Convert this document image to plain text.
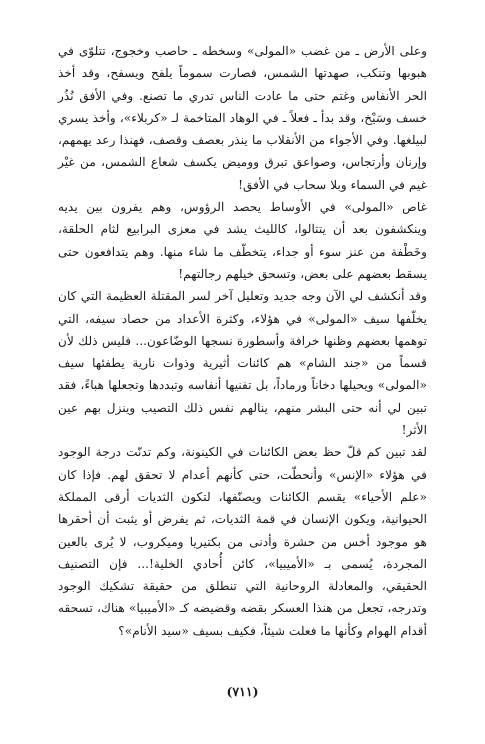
وعلى الأرض ـ من غضب «المولى» وسخطه ـ حاصب وخجوج، تتلوّى في هبوبها وتنكب، صهدتها الشمس، فصارت سموماً يلفح ويسفح، وقد أخذ الحر الأنفاس وغتم حتى ما عادت الناس تدري ما تصنع. وفي الأفق نُذُر خسف وسَيْخ، وقد بدأ ـ فعلاً ـ في الوهاد المتاخمة لـ «كربلاء»، وأخذ يسري لبيلغها. وفي الأجواء من الأنقلاب ما ينذر بعصف وقصف، فهنذا رعد يهمهم، وإرنان وأرتجاس، وصواعق تبرق ووميض يكسف شعاع الشمس، من غيْر غيم في السماء وبلا سحاب في الأفق!

غاص «المولى» في الأوساط يحصد الرؤوس، وهم يفرون بين يديه وينكشفون بعد أن يتتالوا، كالليث يشد في معزى البرابيع لثام الحلقة، وخَطْفة من عنز سوء أو جداء، يتخطّف ما شاء منها. وهم يتدافعون حتى يسقط بعضهم على بعض، وتسحق خيلهم رجالتهم!

وقد أنكشف لي الآن وجه جديد وتعليل آخر لسر المقتلة العظيمة التي كان يخلّفها سيف «المولى» في هؤلاء، وكثرة الأعداد من حصاد سيفه، التي توهمها بعضهم وظنها خرافة وأسطورة نسجها الوضّاعون... فليس ذلك لأن قسماً من «جند الشام» هم كائنات أثيرية وذوات نارية يطفئها سيف «المولى» ويحيلها دخاناً ورماداً، بل تفنيها أنفاسه وتبددها وتجعلها هباءً، فقد تبين لي أنه حتى البشر منهم، ينالهم نفس ذلك التصيب وينزل بهم عين الأثر!

لقد تبين كم قلّ حظ بعض الكائنات في الكينونة، وكم تدنّت درجة الوجود في هؤلاء «الإنس» وأنحطّت، حتى كأنهم أعدام لا تحقق لهم. فإذا كان «علم الأحياء» يقسم الكائنات ويصنّفها، لتكون الثديات أرقى المملكة الحيوانية، ويكون الإنسان في قمة الثديات، ثم يفرض أو يثبت أن أحقرها هو موجود أخس من حشرة وأدنى من بكتيريا وميكروب، لا يُرى بالعين المجردة، يُسمى بـ «الأميبيا»، كائن أُحادي الخلية!... فإن التصنيف الحقيقي، والمعادلة الروحانية التي تنطلق من حقيقة تشكيك الوجود وتدرجه، تجعل من هنذا العسكر بقضه وقضيضه كـ «الأميبيا» هناك، تسحقه أقدام الهوام وكأنها ما فعلت شيئاً، فكيف بسيف «سيد الأنام»؟

(٧١١)
